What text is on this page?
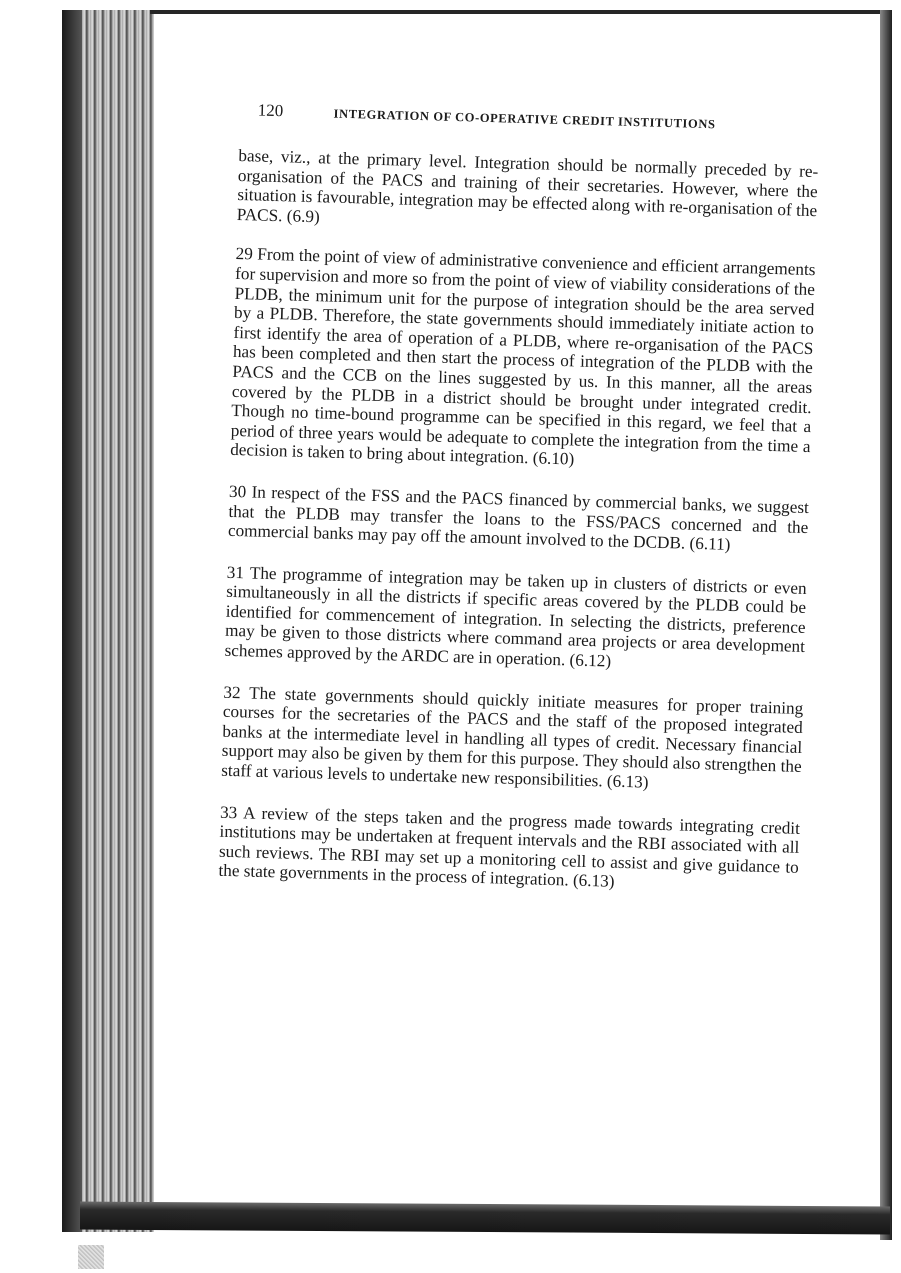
120	INTEGRATION OF CO-OPERATIVE CREDIT INSTITUTIONS

base, viz., at the primary level. Integration should be normally preceded by re-organisation of the PACS and training of their secretaries. However, where the situation is favourable, integration may be effected along with re-organisation of the PACS. (6.9)

29 From the point of view of administrative convenience and efficient arrangements for supervision and more so from the point of view of viability considerations of the PLDB, the minimum unit for the purpose of integration should be the area served by a PLDB. Therefore, the state governments should immediately initiate action to first identify the area of operation of a PLDB, where re-organisation of the PACS has been completed and then start the process of integration of the PLDB with the PACS and the CCB on the lines suggested by us. In this manner, all the areas covered by the PLDB in a district should be brought under integrated credit. Though no time-bound programme can be specified in this regard, we feel that a period of three years would be adequate to complete the integration from the time a decision is taken to bring about integration. (6.10)

30 In respect of the FSS and the PACS financed by commercial banks, we suggest that the PLDB may transfer the loans to the FSS/PACS concerned and the commercial banks may pay off the amount involved to the DCDB. (6.11)

31 The programme of integration may be taken up in clusters of districts or even simultaneously in all the districts if specific areas covered by the PLDB could be identified for commencement of integration. In selecting the districts, preference may be given to those districts where command area projects or area development schemes approved by the ARDC are in operation. (6.12)

32 The state governments should quickly initiate measures for proper training courses for the secretaries of the PACS and the staff of the proposed integrated banks at the intermediate level in handling all types of credit. Necessary financial support may also be given by them for this purpose. They should also strengthen the staff at various levels to undertake new responsibilities. (6.13)

33 A review of the steps taken and the progress made towards integrating credit institutions may be undertaken at frequent intervals and the RBI associated with all such reviews. The RBI may set up a monitoring cell to assist and give guidance to the state governments in the process of integration. (6.13)
